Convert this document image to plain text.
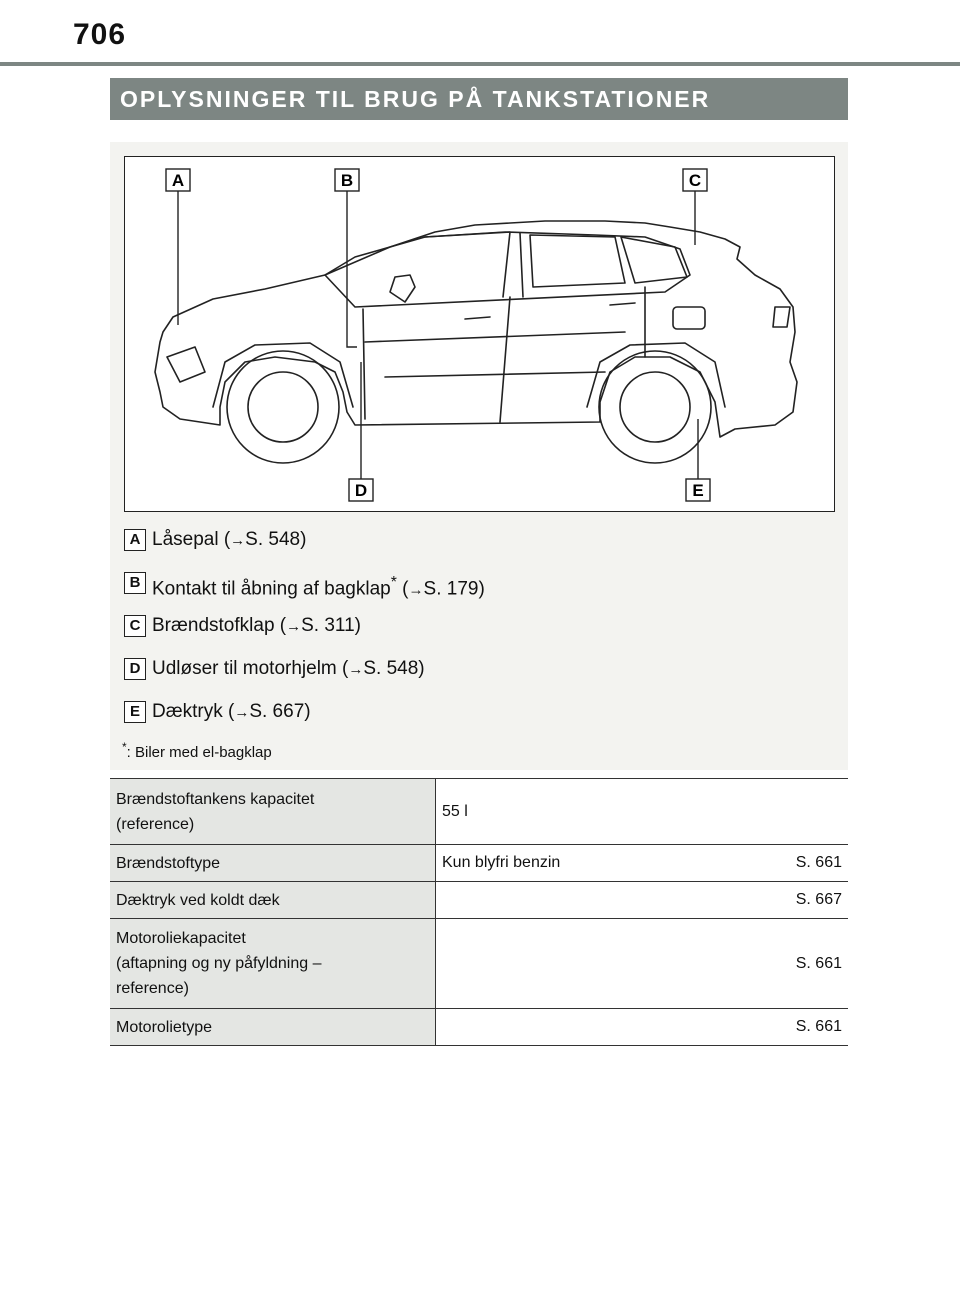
706
OPLYSNINGER TIL BRUG PÅ TANKSTATIONER
A	B	C
D	E
A Låsepal (→S. 548)
B Kontakt til åbning af bagklap* (→S. 179)
C Brændstofklap (→S. 311)
D Udløser til motorhjelm (→S. 548)
E Dæktryk (→S. 667)
*: Biler med el-bagklap
Brændstoftankens kapacitet
(reference)	55 l

Brændstoftype	Kun blyfri benzin S. 661

Dæktryk ved koldt dæk	S. 667

Motoroliekapacitet
(aftapning og ny påfyldning –
reference)	S. 661

Motorolietype	S. 661
